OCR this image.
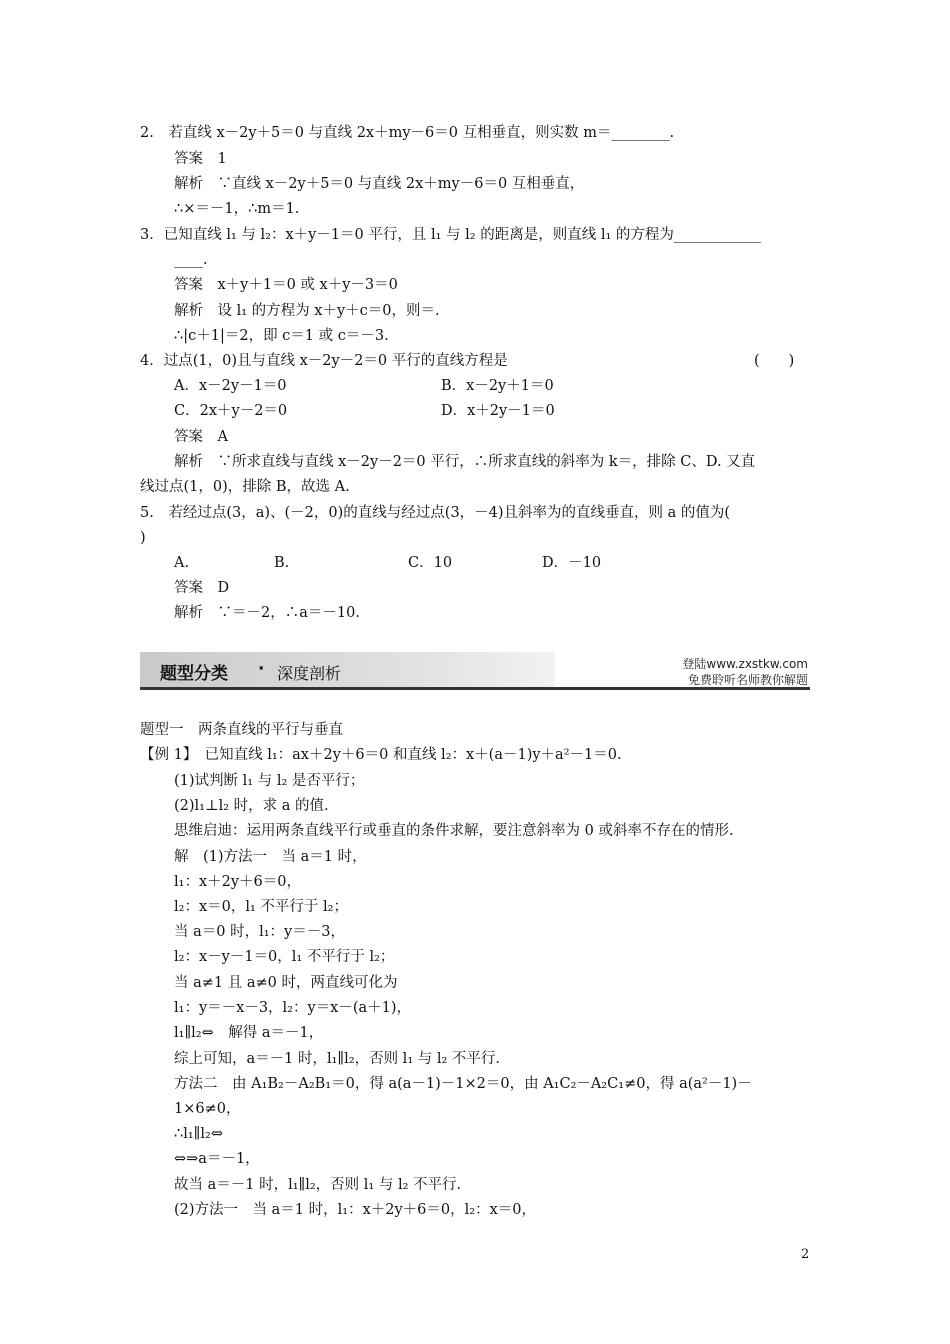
2.　若直线 x－2y＋5＝0 与直线 2x＋my－6＝0 互相垂直，则实数 m＝________.
答案　1
解析　∵直线 x－2y＋5＝0 与直线 2x＋my－6＝0 互相垂直，
∴×＝－1，∴m＝1.
3．已知直线 l₁ 与 l₂：x＋y－1＝0 平行，且 l₁ 与 l₂ 的距离是，则直线 l₁ 的方程为____________
____.
答案　x＋y＋1＝0 或 x＋y－3＝0
解析　设 l₁ 的方程为 x＋y＋c＝0，则＝.
∴|c＋1|＝2，即 c＝1 或 c＝－3.
4．过点(1，0)且与直线 x－2y－2＝0 平行的直线方程是	(　　)
A．x－2y－1＝0	B．x－2y＋1＝0
C．2x＋y－2＝0	D．x＋2y－1＝0
答案　A
解析　∵所求直线与直线 x－2y－2＝0 平行，∴所求直线的斜率为 k＝，排除 C、D. 又直
线过点(1，0)，排除 B，故选 A.
5.　若经过点(3，a)、(－2，0)的直线与经过点(3，－4)且斜率为的直线垂直，则 a 的值为(
)
A.	B.	C．10	D．－10
答案　D
解析　∵＝－2，∴a＝－10.
题型一　两条直线的平行与垂直
【例 1】　已知直线 l₁：ax＋2y＋6＝0 和直线 l₂：x＋(a－1)y＋a²－1＝0.
(1)试判断 l₁ 与 l₂ 是否平行；
(2)l₁⊥l₂ 时，求 a 的值.
思维启迪：运用两条直线平行或垂直的条件求解，要注意斜率为 0 或斜率不存在的情形.
解　(1)方法一　当 a＝1 时，
l₁：x＋2y＋6＝0，
l₂：x＝0，l₁ 不平行于 l₂；
当 a＝0 时，l₁：y＝－3，
l₂：x－y－1＝0，l₁ 不平行于 l₂；
当 a≠1 且 a≠0 时，两直线可化为
l₁：y＝－x－3，l₂：y＝x－(a＋1)，
l₁∥l₂⇔　解得 a＝－1，
综上可知，a＝－1 时，l₁∥l₂，否则 l₁ 与 l₂ 不平行.
方法二　由 A₁B₂－A₂B₁＝0，得 a(a－1)－1×2＝0，由 A₁C₂－A₂C₁≠0，得 a(a²－1)－
1×6≠0，
∴l₁∥l₂⇔
⇔⇒a＝－1，
故当 a＝－1 时，l₁∥l₂，否则 l₁ 与 l₂ 不平行.
(2)方法一　当 a＝1 时，l₁：x＋2y＋6＝0，l₂：x＝0，
题型分类 · 深度剖析	登陆www.zxstkw.com
免费聆听名师教你解题
2
